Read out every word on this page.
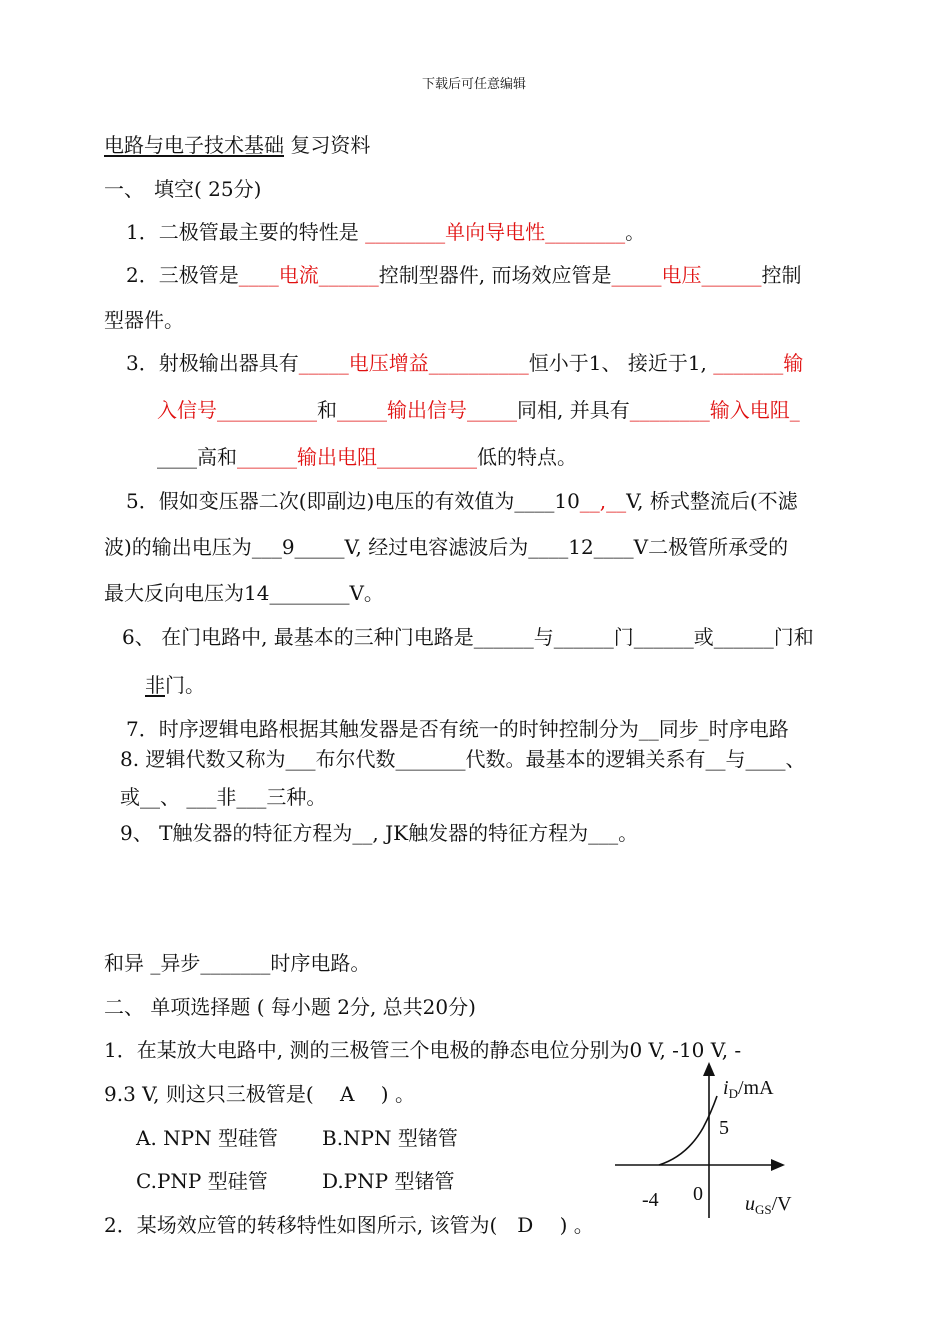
下载后可任意编辑
电路与电子技术基础 复习资料
一、　填空( 25分)
1．二极管最主要的特性是 ________单向导电性________。
2．三极管是____电流______控制型器件, 而场效应管是_____电压______控制
型器件。
3．射极输出器具有_____电压增益__________恒小于1、 接近于1, _______输
入信号__________和_____输出信号_____同相, 并具有________输入电阻_
____高和______输出电阻__________低的特点。
5．假如变压器二次(即副边)电压的有效值为____10__,__V, 桥式整流后(不滤
波)的输出电压为___9_____V, 经过电容滤波后为____12____V二极管所承受的
最大反向电压为14________V。
6、 在门电路中, 最基本的三种门电路是______与______门______或______门和
非门。
7．时序逻辑电路根据其触发器是否有统一的时钟控制分为__同步_时序电路
8. 逻辑代数又称为___布尔代数_______代数。最基本的逻辑关系有__与____、
或__、 ___非___三种。
9、 T触发器的特征方程为__, JK触发器的特征方程为___。
和异 _异步_______时序电路。
二、 单项选择题 ( 每小题 2分, 总共20分)
1．在某放大电路中, 测的三极管三个电极的静态电位分别为0 V, -10 V, -
9.3 V, 则这只三极管是(　 A　 ) 。
A. NPN 型硅管 B.NPN 型锗管
C.PNP 型硅管	D.PNP 型锗管
2．某场效应管的转移特性如图所示, 该管为(　D　 ) 。
$i_D/mA$
5
-4 0 $u_{GS}/V$
